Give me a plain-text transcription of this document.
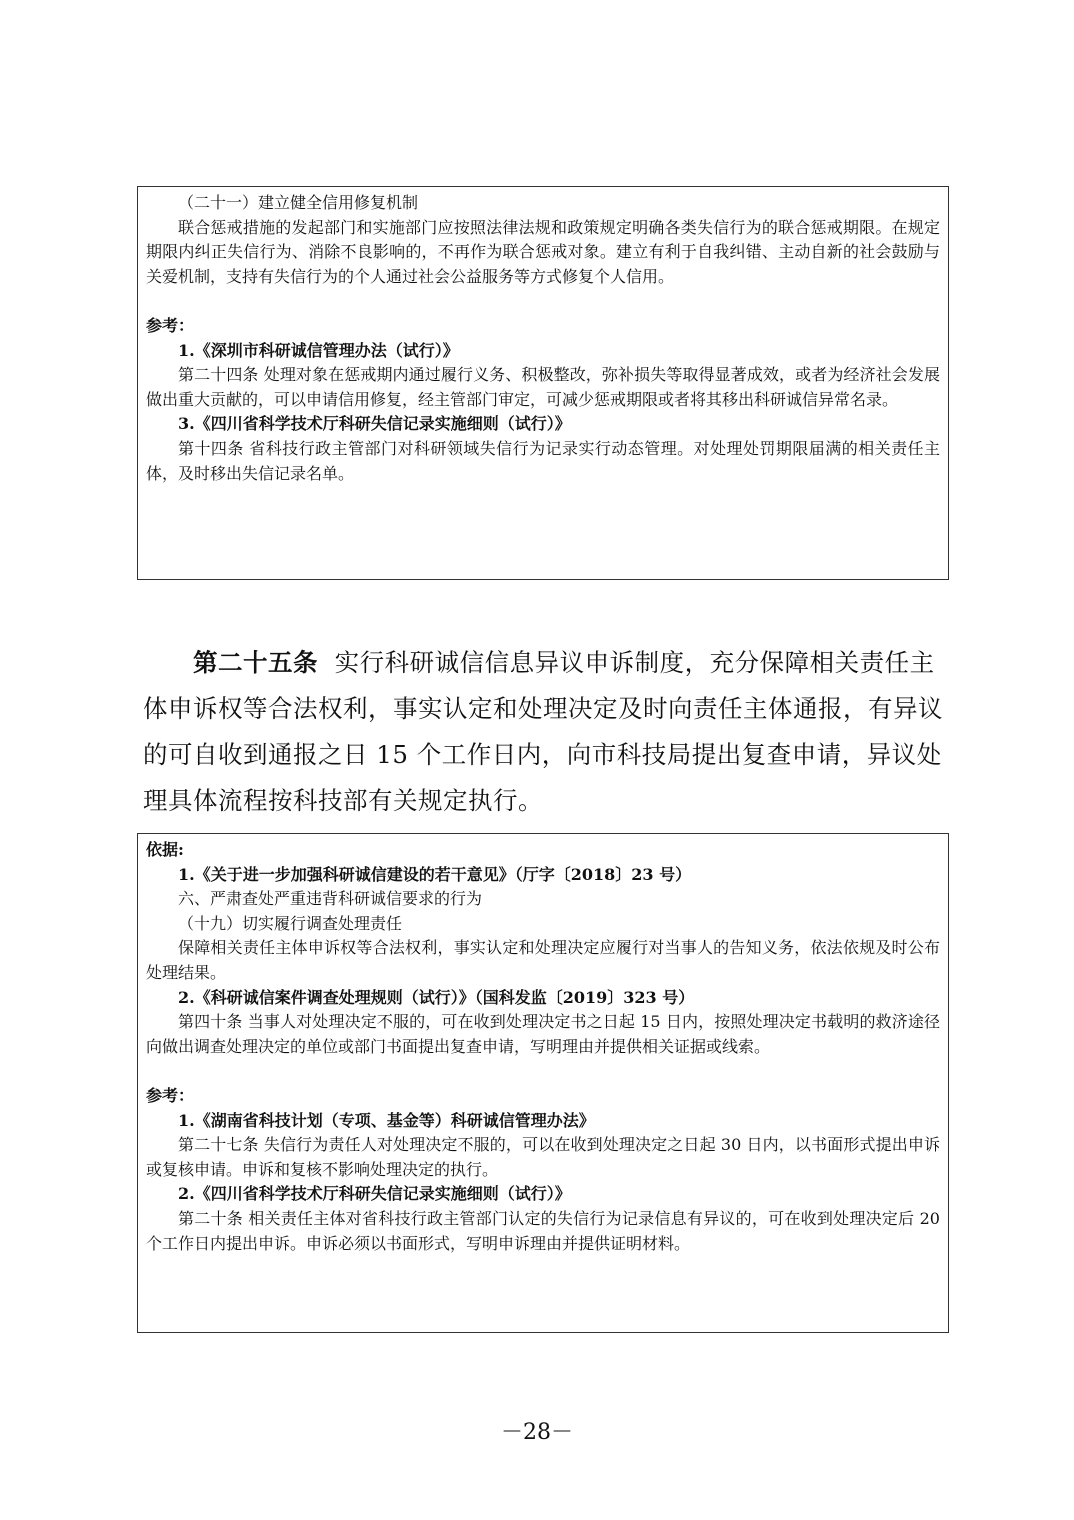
（二十一）建立健全信用修复机制

联合惩戒措施的发起部门和实施部门应按照法律法规和政策规定明确各类失信行为的联合惩戒期限。在规定期限内纠正失信行为、消除不良影响的，不再作为联合惩戒对象。建立有利于自我纠错、主动自新的社会鼓励与关爱机制，支持有失信行为的个人通过社会公益服务等方式修复个人信用。

参考：

1.《深圳市科研诚信管理办法（试行）》

第二十四条 处理对象在惩戒期内通过履行义务、积极整改，弥补损失等取得显著成效，或者为经济社会发展做出重大贡献的，可以申请信用修复，经主管部门审定，可减少惩戒期限或者将其移出科研诚信异常名录。

3.《四川省科学技术厅科研失信记录实施细则（试行）》

第十四条 省科技行政主管部门对科研领域失信行为记录实行动态管理。对处理处罚期限届满的相关责任主体，及时移出失信记录名单。

第二十五条 实行科研诚信信息异议申诉制度，充分保障相关责任主
体申诉权等合法权利，事实认定和处理决定及时向责任主体通报，有异议
的可自收到通报之日 15 个工作日内，向市科技局提出复查申请，异议处
理具体流程按科技部有关规定执行。

依据:

1.《关于进一步加强科研诚信建设的若干意见》（厅字〔2018〕23 号）

六、严肃查处严重违背科研诚信要求的行为

（十九）切实履行调查处理责任

保障相关责任主体申诉权等合法权利，事实认定和处理决定应履行对当事人的告知义务，依法依规及时公布处理结果。

2.《科研诚信案件调查处理规则（试行）》（国科发监〔2019〕323 号）

第四十条 当事人对处理决定不服的，可在收到处理决定书之日起 15 日内，按照处理决定书载明的救济途径向做出调查处理决定的单位或部门书面提出复查申请，写明理由并提供相关证据或线索。

参考：

1.《湖南省科技计划（专项、基金等）科研诚信管理办法》

第二十七条 失信行为责任人对处理决定不服的，可以在收到处理决定之日起 30 日内，以书面形式提出申诉或复核申请。申诉和复核不影响处理决定的执行。

2.《四川省科学技术厅科研失信记录实施细则（试行）》

第二十条 相关责任主体对省科技行政主管部门认定的失信行为记录信息有异议的，可在收到处理决定后 20 个工作日内提出申诉。申诉必须以书面形式，写明申诉理由并提供证明材料。

－28－
